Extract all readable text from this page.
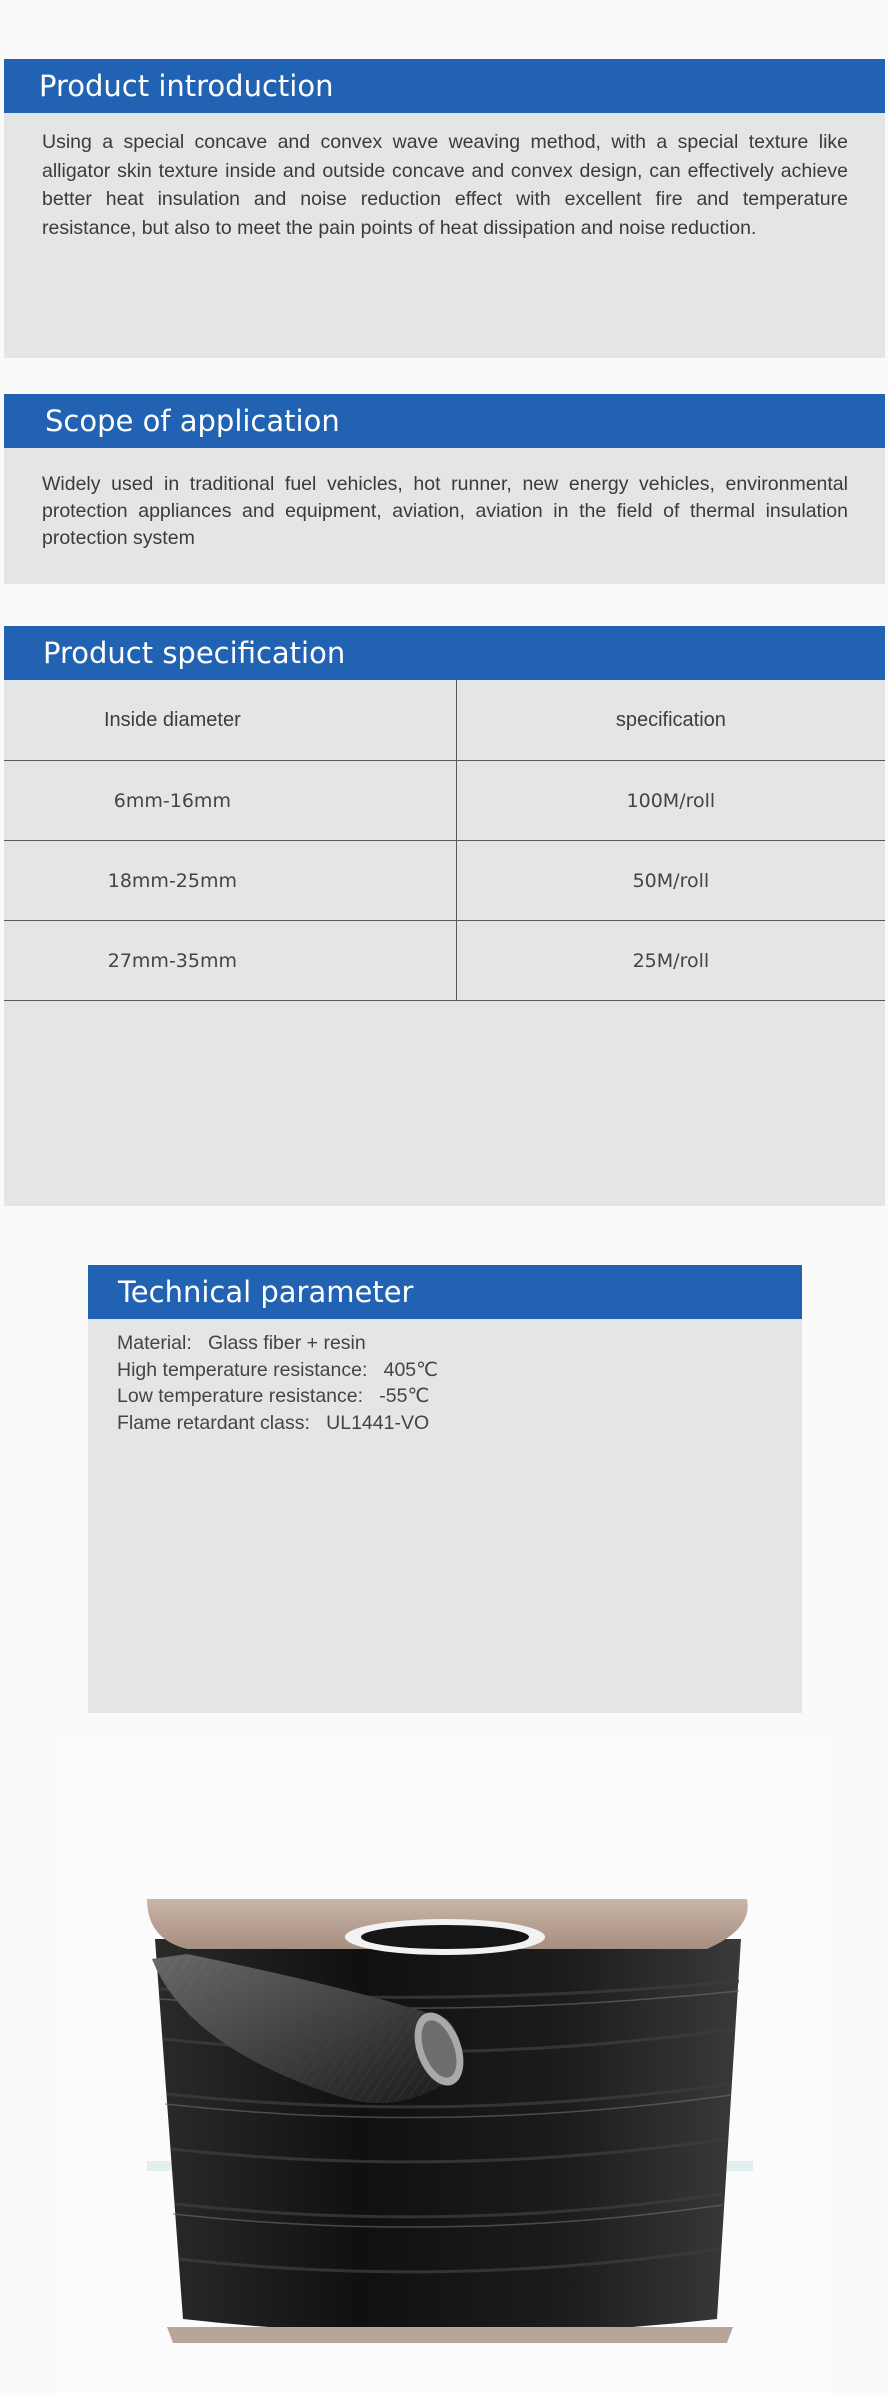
Product introduction
Using a special concave and convex wave weaving method, with a special texture like alligator skin texture inside and outside concave and convex design, can effectively achieve better heat insulation and noise reduction effect with excellent fire and temperature resistance, but also to meet the pain points of heat dissipation and noise reduction.
Scope of application
Widely used in traditional fuel vehicles, hot runner, new energy vehicles, environmental protection appliances and equipment, aviation, aviation in the field of thermal insulation protection system
Product specification
Inside diameter	specification
6mm-16mm	100M/roll
18mm-25mm	50M/roll
27mm-35mm	25M/roll
Technical parameter
Material:   Glass fiber + resin
High temperature resistance:   405℃
Low temperature resistance:   -55℃
Flame retardant class:   UL1441-VO
